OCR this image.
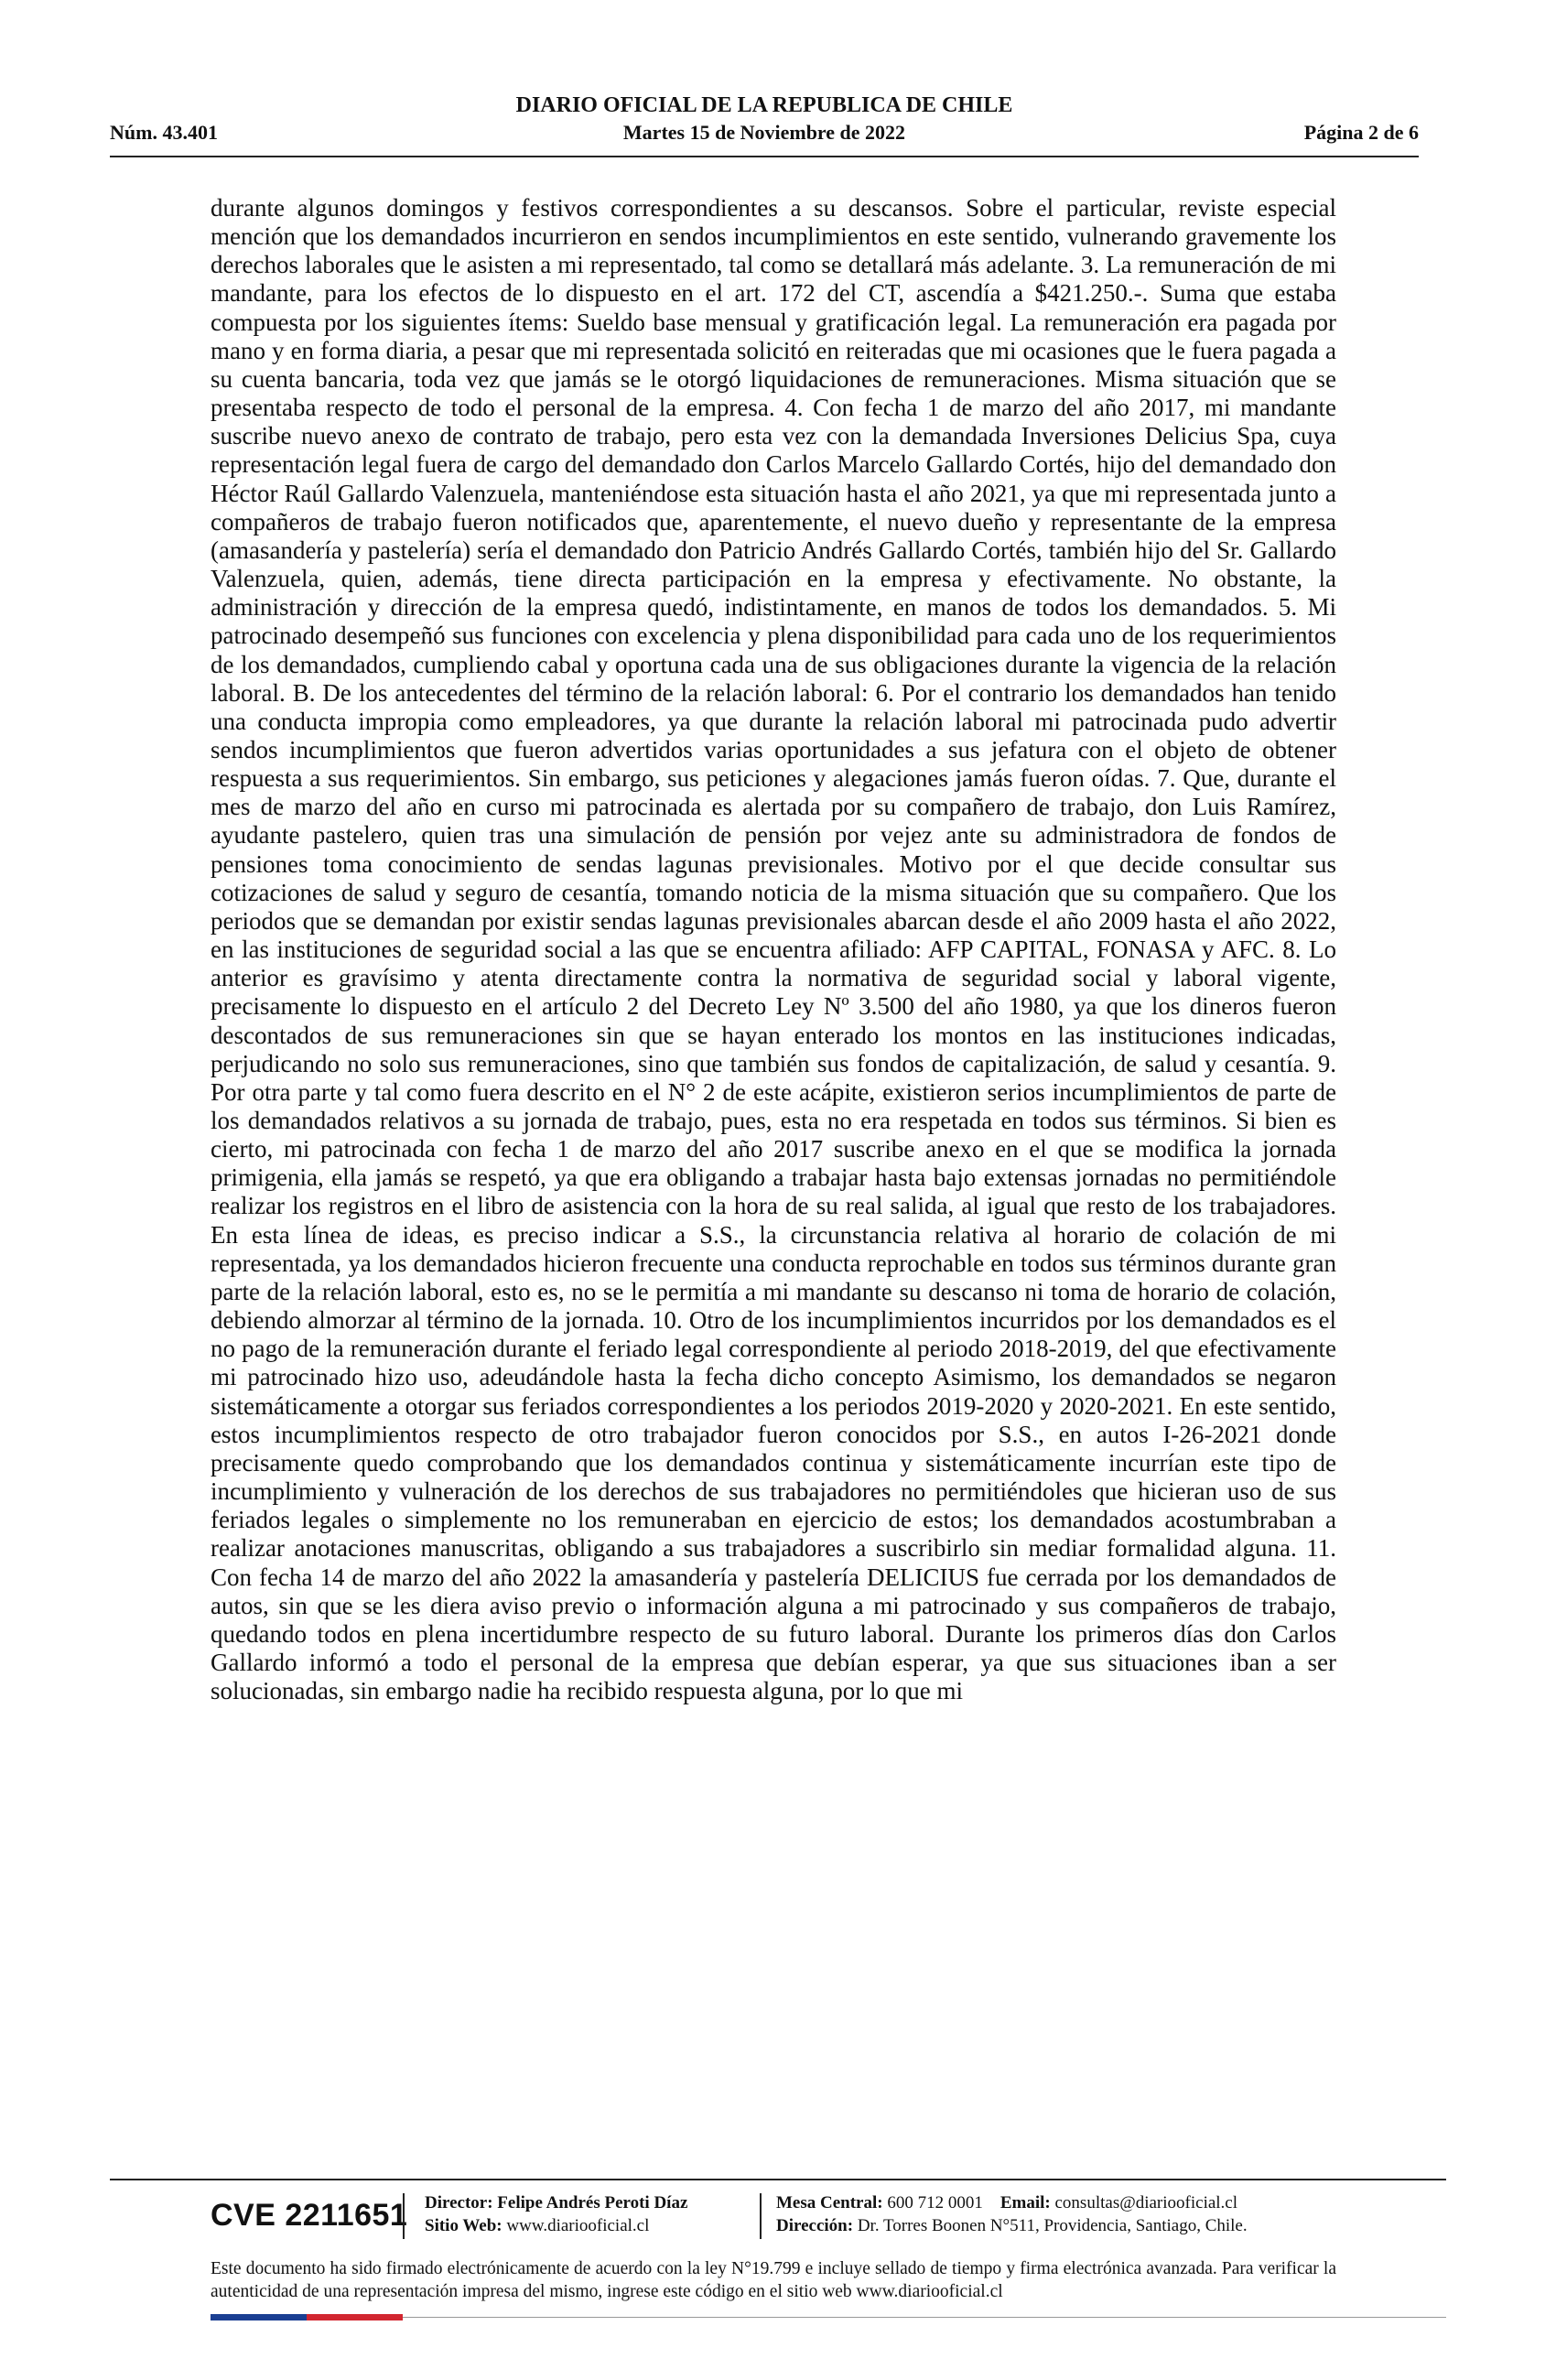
DIARIO OFICIAL DE LA REPUBLICA DE CHILE
Martes 15 de Noviembre de 2022
Núm. 43.401	Página 2 de 6
durante algunos domingos y festivos correspondientes a su descansos. Sobre el particular, reviste especial mención que los demandados incurrieron en sendos incumplimientos en este sentido, vulnerando gravemente los derechos laborales que le asisten a mi representado, tal como se detallará más adelante. 3. La remuneración de mi mandante, para los efectos de lo dispuesto en el art. 172 del CT, ascendía a $421.250.-. Suma que estaba compuesta por los siguientes ítems: Sueldo base mensual y gratificación legal. La remuneración era pagada por mano y en forma diaria, a pesar que mi representada solicitó en reiteradas que mi ocasiones que le fuera pagada a su cuenta bancaria, toda vez que jamás se le otorgó liquidaciones de remuneraciones. Misma situación que se presentaba respecto de todo el personal de la empresa. 4. Con fecha 1 de marzo del año 2017, mi mandante suscribe nuevo anexo de contrato de trabajo, pero esta vez con la demandada Inversiones Delicius Spa, cuya representación legal fuera de cargo del demandado don Carlos Marcelo Gallardo Cortés, hijo del demandado don Héctor Raúl Gallardo Valenzuela, manteniéndose esta situación hasta el año 2021, ya que mi representada junto a compañeros de trabajo fueron notificados que, aparentemente, el nuevo dueño y representante de la empresa (amasandería y pastelería) sería el demandado don Patricio Andrés Gallardo Cortés, también hijo del Sr. Gallardo Valenzuela, quien, además, tiene directa participación en la empresa y efectivamente. No obstante, la administración y dirección de la empresa quedó, indistintamente, en manos de todos los demandados. 5. Mi patrocinado desempeñó sus funciones con excelencia y plena disponibilidad para cada uno de los requerimientos de los demandados, cumpliendo cabal y oportuna cada una de sus obligaciones durante la vigencia de la relación laboral. B. De los antecedentes del término de la relación laboral: 6. Por el contrario los demandados han tenido una conducta impropia como empleadores, ya que durante la relación laboral mi patrocinada pudo advertir sendos incumplimientos que fueron advertidos varias oportunidades a sus jefatura con el objeto de obtener respuesta a sus requerimientos. Sin embargo, sus peticiones y alegaciones jamás fueron oídas. 7. Que, durante el mes de marzo del año en curso mi patrocinada es alertada por su compañero de trabajo, don Luis Ramírez, ayudante pastelero, quien tras una simulación de pensión por vejez ante su administradora de fondos de pensiones toma conocimiento de sendas lagunas previsionales. Motivo por el que decide consultar sus cotizaciones de salud y seguro de cesantía, tomando noticia de la misma situación que su compañero. Que los periodos que se demandan por existir sendas lagunas previsionales abarcan desde el año 2009 hasta el año 2022, en las instituciones de seguridad social a las que se encuentra afiliado: AFP CAPITAL, FONASA y AFC. 8. Lo anterior es gravísimo y atenta directamente contra la normativa de seguridad social y laboral vigente, precisamente lo dispuesto en el artículo 2 del Decreto Ley Nº 3.500 del año 1980, ya que los dineros fueron descontados de sus remuneraciones sin que se hayan enterado los montos en las instituciones indicadas, perjudicando no solo sus remuneraciones, sino que también sus fondos de capitalización, de salud y cesantía. 9. Por otra parte y tal como fuera descrito en el N° 2 de este acápite, existieron serios incumplimientos de parte de los demandados relativos a su jornada de trabajo, pues, esta no era respetada en todos sus términos. Si bien es cierto, mi patrocinada con fecha 1 de marzo del año 2017 suscribe anexo en el que se modifica la jornada primigenia, ella jamás se respetó, ya que era obligando a trabajar hasta bajo extensas jornadas no permitiéndole realizar los registros en el libro de asistencia con la hora de su real salida, al igual que resto de los trabajadores. En esta línea de ideas, es preciso indicar a S.S., la circunstancia relativa al horario de colación de mi representada, ya los demandados hicieron frecuente una conducta reprochable en todos sus términos durante gran parte de la relación laboral, esto es, no se le permitía a mi mandante su descanso ni toma de horario de colación, debiendo almorzar al término de la jornada. 10. Otro de los incumplimientos incurridos por los demandados es el no pago de la remuneración durante el feriado legal correspondiente al periodo 2018-2019, del que efectivamente mi patrocinado hizo uso, adeudándole hasta la fecha dicho concepto Asimismo, los demandados se negaron sistemáticamente a otorgar sus feriados correspondientes a los periodos 2019-2020 y 2020-2021. En este sentido, estos incumplimientos respecto de otro trabajador fueron conocidos por S.S., en autos I-26-2021 donde precisamente quedo comprobando que los demandados continua y sistemáticamente incurrían este tipo de incumplimiento y vulneración de los derechos de sus trabajadores no permitiéndoles que hicieran uso de sus feriados legales o simplemente no los remuneraban en ejercicio de estos; los demandados acostumbraban a realizar anotaciones manuscritas, obligando a sus trabajadores a suscribirlo sin mediar formalidad alguna. 11. Con fecha 14 de marzo del año 2022 la amasandería y pastelería DELICIUS fue cerrada por los demandados de autos, sin que se les diera aviso previo o información alguna a mi patrocinado y sus compañeros de trabajo, quedando todos en plena incertidumbre respecto de su futuro laboral. Durante los primeros días don Carlos Gallardo informó a todo el personal de la empresa que debían esperar, ya que sus situaciones iban a ser solucionadas, sin embargo nadie ha recibido respuesta alguna, por lo que mi
CVE 2211651 Director: Felipe Andrés Peroti Díaz
Sitio Web: www.diariooficial.cl
Mesa Central: 600 712 0001 Email: consultas@diariooficial.cl
Dirección: Dr. Torres Boonen N°511, Providencia, Santiago, Chile.
Este documento ha sido firmado electrónicamente de acuerdo con la ley N°19.799 e incluye sellado de tiempo y firma electrónica avanzada. Para verificar la autenticidad de una representación impresa del mismo, ingrese este código en el sitio web www.diariooficial.cl
